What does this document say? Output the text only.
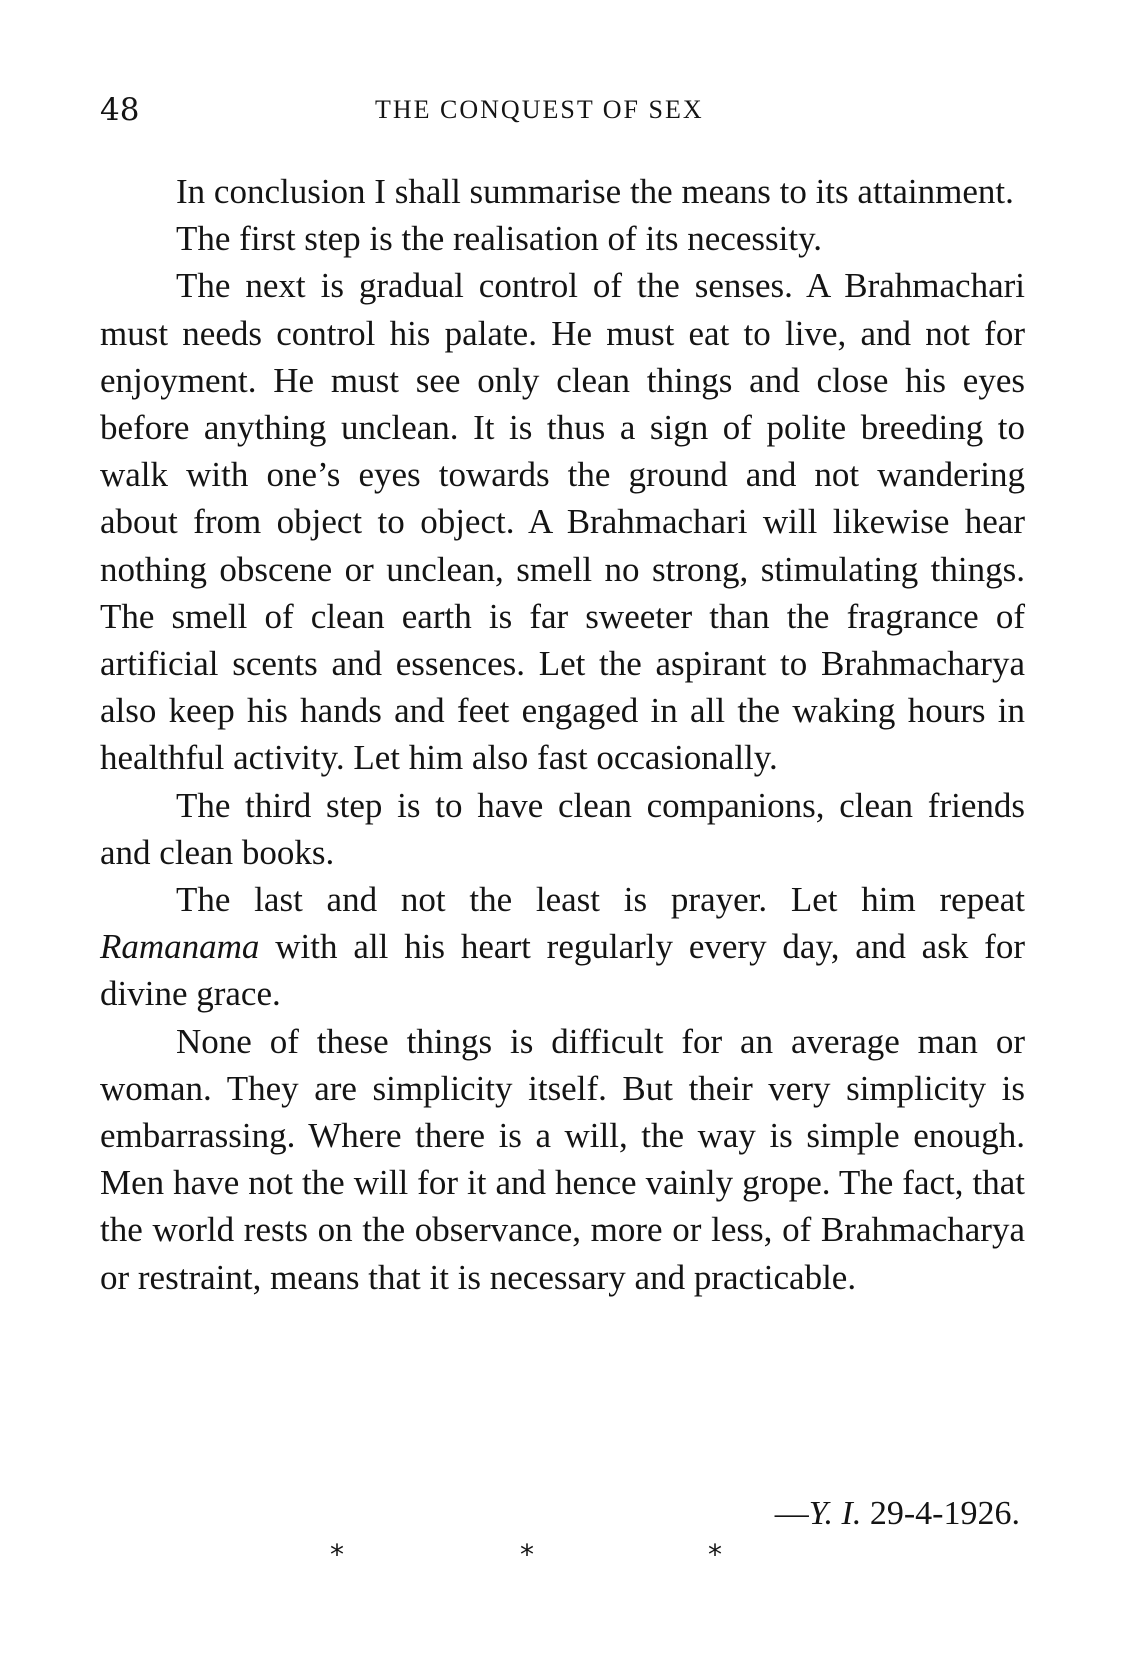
48	THE CONQUEST OF SEX

In conclusion I shall summarise the means to its attainment.

The first step is the realisation of its necessity.

The next is gradual control of the senses. A Brahmachari must needs control his palate. He must eat to live, and not for enjoyment. He must see only clean things and close his eyes before anything unclean. It is thus a sign of polite breeding to walk with one’s eyes towards the ground and not wandering about from object to object. A Brahmachari will likewise hear nothing obscene or unclean, smell no strong, stimulating things. The smell of clean earth is far sweeter than the fragrance of artificial scents and essences. Let the aspirant to Brahmacharya also keep his hands and feet engaged in all the waking hours in healthful activity. Let him also fast occasionally.

The third step is to have clean companions, clean friends and clean books.

The last and not the least is prayer. Let him repeat Ramanama with all his heart regularly every day, and ask for divine grace.

None of these things is difficult for an average man or woman. They are simplicity itself. But their very simplicity is embarrassing. Where there is a will, the way is simple enough. Men have not the will for it and hence vainly grope. The fact, that the world rests on the observance, more or less, of Brahmacharya or restraint, means that it is necessary and practicable.

—Y. I. 29-4-1926.
*	*	*
